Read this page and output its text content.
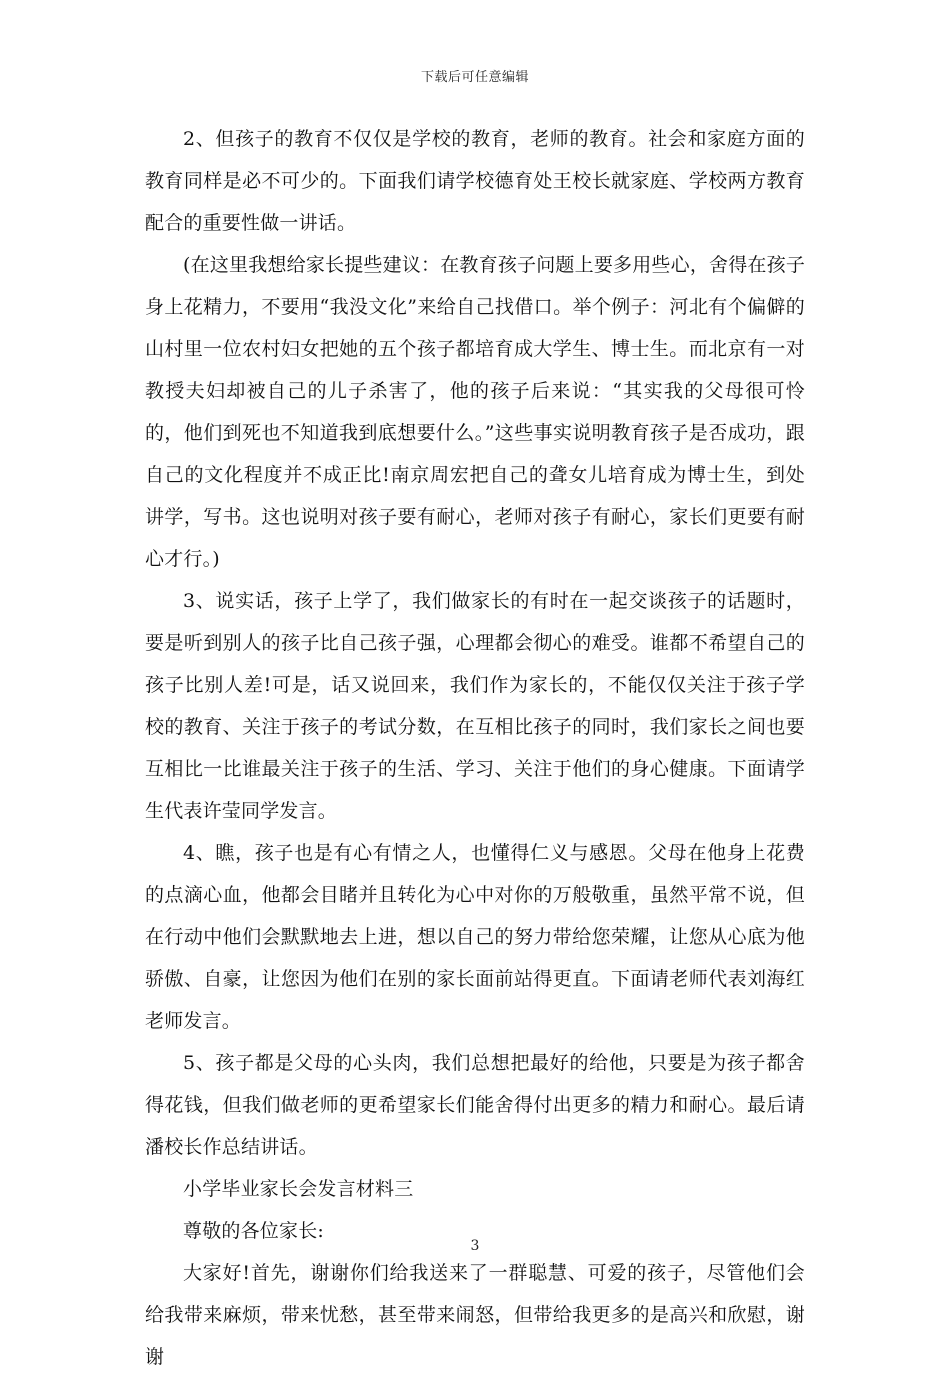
下载后可任意编辑

2、但孩子的教育不仅仅是学校的教育，老师的教育。社会和家庭方面的教育同样是必不可少的。下面我们请学校德育处王校长就家庭、学校两方教育配合的重要性做一讲话。

(在这里我想给家长提些建议：在教育孩子问题上要多用些心，舍得在孩子身上花精力，不要用“我没文化”来给自己找借口。举个例子：河北有个偏僻的山村里一位农村妇女把她的五个孩子都培育成大学生、博士生。而北京有一对教授夫妇却被自己的儿子杀害了，他的孩子后来说：“其实我的父母很可怜的，他们到死也不知道我到底想要什么。”这些事实说明教育孩子是否成功，跟自己的文化程度并不成正比!南京周宏把自己的聋女儿培育成为博士生，到处讲学，写书。这也说明对孩子要有耐心，老师对孩子有耐心，家长们更要有耐心才行。)

3、说实话，孩子上学了，我们做家长的有时在一起交谈孩子的话题时，要是听到别人的孩子比自己孩子强，心理都会彻心的难受。谁都不希望自己的孩子比别人差!可是，话又说回来，我们作为家长的，不能仅仅关注于孩子学校的教育、关注于孩子的考试分数，在互相比孩子的同时，我们家长之间也要互相比一比谁最关注于孩子的生活、学习、关注于他们的身心健康。下面请学生代表许莹同学发言。

4、瞧，孩子也是有心有情之人，也懂得仁义与感恩。父母在他身上花费的点滴心血，他都会目睹并且转化为心中对你的万般敬重，虽然平常不说，但在行动中他们会默默地去上进，想以自己的努力带给您荣耀，让您从心底为他骄傲、自豪，让您因为他们在别的家长面前站得更直。下面请老师代表刘海红老师发言。

5、孩子都是父母的心头肉，我们总想把最好的给他，只要是为孩子都舍得花钱，但我们做老师的更希望家长们能舍得付出更多的精力和耐心。最后请潘校长作总结讲话。

小学毕业家长会发言材料三

尊敬的各位家长:

大家好!首先，谢谢你们给我送来了一群聪慧、可爱的孩子，尽管他们会给我带来麻烦，带来忧愁，甚至带来闹怒，但带给我更多的是高兴和欣慰，谢谢

3
